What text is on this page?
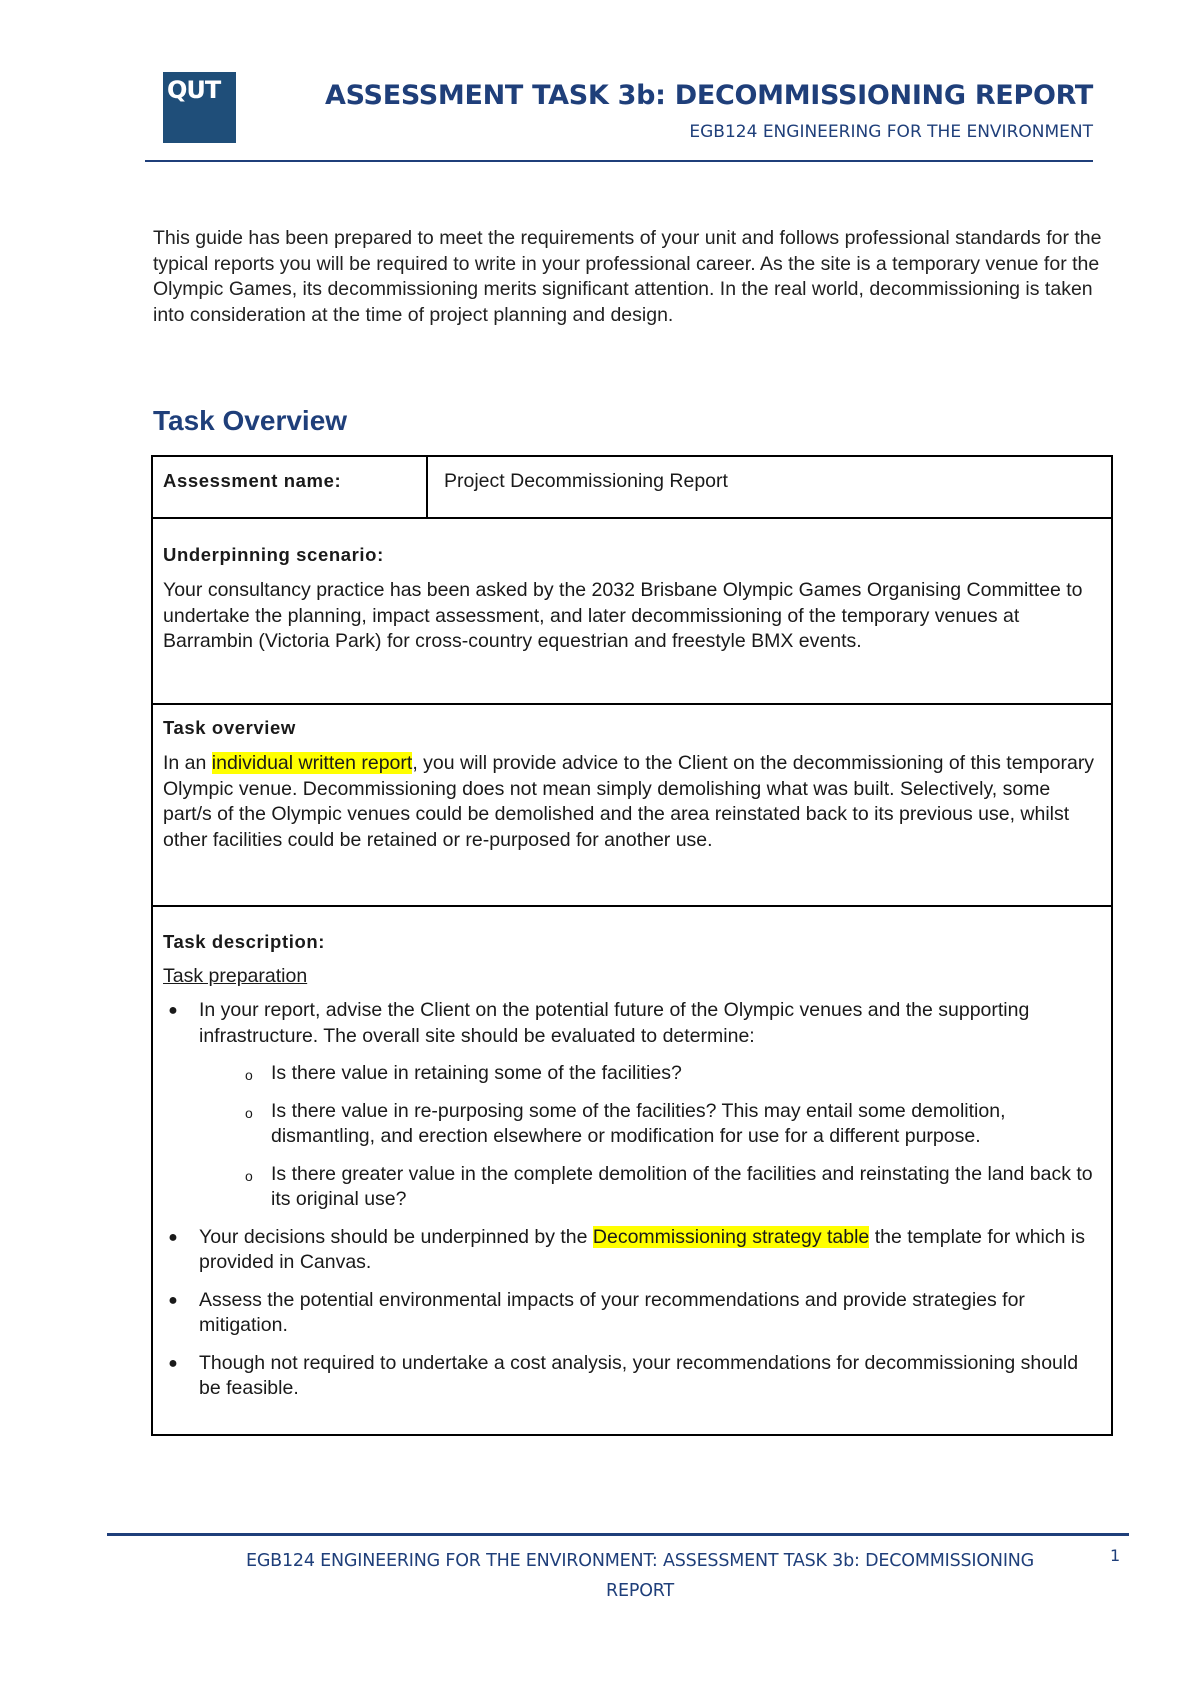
QUT	ASSESSMENT TASK 3b: DECOMMISSIONING REPORT
EGB124 ENGINEERING FOR THE ENVIRONMENT
This guide has been prepared to meet the requirements of your unit and follows professional standards for the typical reports you will be required to write in your professional career. As the site is a temporary venue for the Olympic Games, its decommissioning merits significant attention. In the real world, decommissioning is taken into consideration at the time of project planning and design.
Task Overview
Assessment name:	Project Decommissioning Report
Underpinning scenario:
Your consultancy practice has been asked by the 2032 Brisbane Olympic Games Organising Committee to undertake the planning, impact assessment, and later decommissioning of the temporary venues at Barrambin (Victoria Park) for cross-country equestrian and freestyle BMX events.
Task overview
In an individual written report, you will provide advice to the Client on the decommissioning of this temporary Olympic venue. Decommissioning does not mean simply demolishing what was built. Selectively, some part/s of the Olympic venues could be demolished and the area reinstated back to its previous use, whilst other facilities could be retained or re-purposed for another use.
Task description:
Task preparation
● In your report, advise the Client on the potential future of the Olympic venues and the supporting infrastructure. The overall site should be evaluated to determine:
o Is there value in retaining some of the facilities?
o Is there value in re-purposing some of the facilities? This may entail some demolition, dismantling, and erection elsewhere or modification for use for a different purpose.
o Is there greater value in the complete demolition of the facilities and reinstating the land back to its original use?
● Your decisions should be underpinned by the Decommissioning strategy table the template for which is provided in Canvas.
● Assess the potential environmental impacts of your recommendations and provide strategies for mitigation.
● Though not required to undertake a cost analysis, your recommendations for decommissioning should be feasible.
EGB124 ENGINEERING FOR THE ENVIRONMENT: ASSESSMENT TASK 3b: DECOMMISSIONING
REPORT
1
